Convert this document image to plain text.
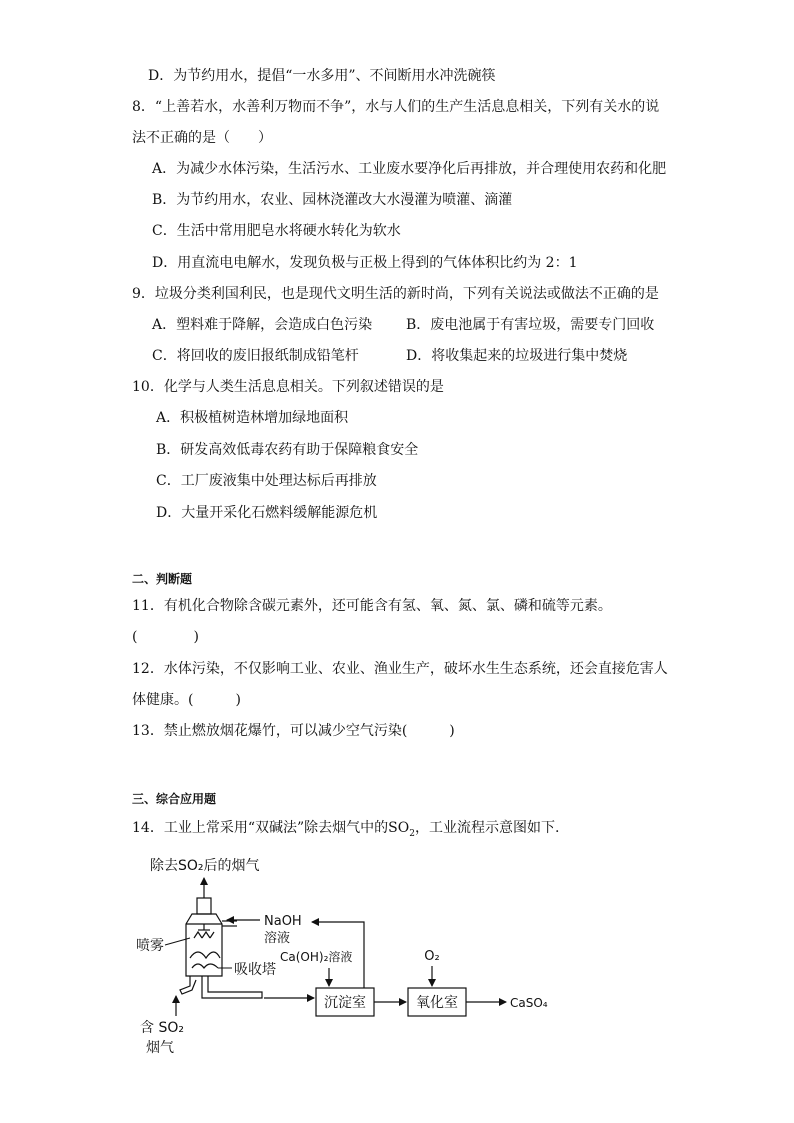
D．为节约用水，提倡“一水多用”、不间断用水冲洗碗筷
8．“上善若水，水善利万物而不争”，水与人们的生产生活息息相关，下列有关水的说
法不正确的是（　　）
A．为减少水体污染，生活污水、工业废水要净化后再排放，并合理使用农药和化肥
B．为节约用水，农业、园林浇灌改大水漫灌为喷灌、滴灌
C．生活中常用肥皂水将硬水转化为软水
D．用直流电电解水，发现负极与正极上得到的气体体积比约为 2：1
9．垃圾分类利国利民，也是现代文明生活的新时尚，下列有关说法或做法不正确的是
A．塑料难于降解，会造成白色污染 B．废电池属于有害垃圾，需要专门回收
C．将回收的废旧报纸制成铅笔杆	D．将收集起来的垃圾进行集中焚烧
10．化学与人类生活息息相关。下列叙述错误的是
A．积极植树造林增加绿地面积
B．研发高效低毒农药有助于保障粮食安全
C．工厂废液集中处理达标后再排放
D．大量开采化石燃料缓解能源危机
二、判断题
11．有机化合物除含碳元素外，还可能含有氢、氧、氮、氯、磷和硫等元素。
(　　　　)
12．水体污染，不仅影响工业、农业、渔业生产，破坏水生生态系统，还会直接危害人
体健康。(　　　)
13．禁止燃放烟花爆竹，可以减少空气污染(　　　)
三、综合应用题
14．工业上常采用“双碱法”除去烟气中的$SO_2$，工业流程示意图如下.
除去SO₂后的烟气
NaOH
溶液
喷雾
吸收塔
Ca(OH)₂溶液
沉淀室
O₂
氧化室	CaSO₄
含 SO₂
烟气
